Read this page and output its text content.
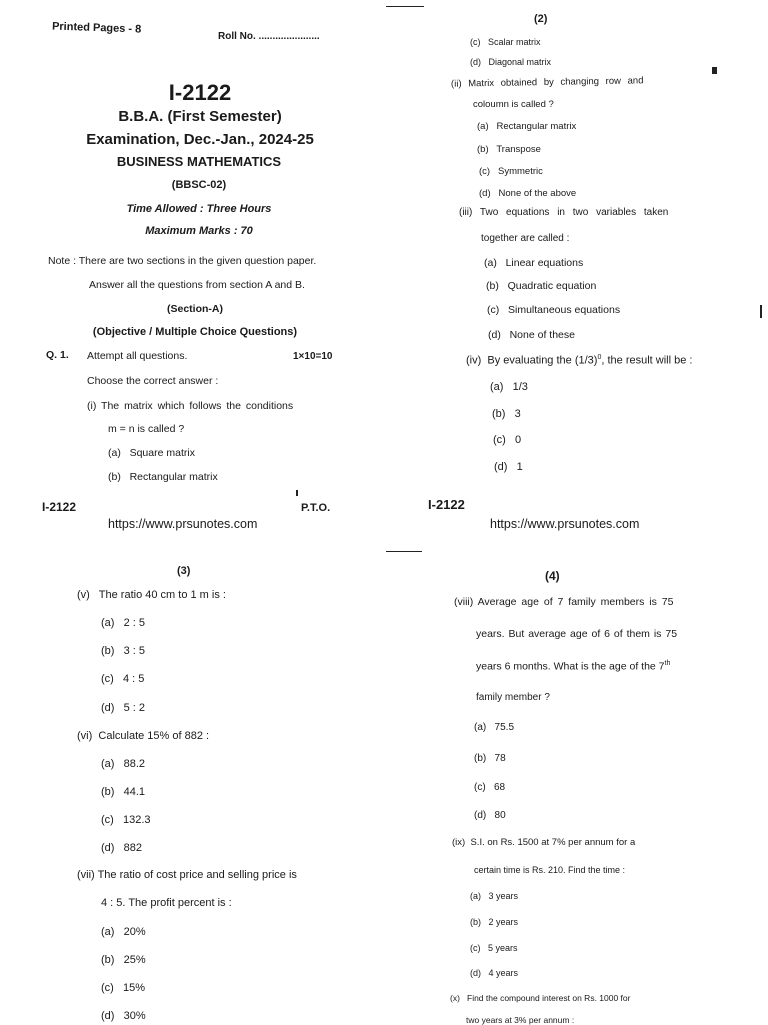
Printed Pages - 8
Roll No. ......................
I-2122
B.B.A. (First Semester)
Examination, Dec.-Jan., 2024-25
BUSINESS MATHEMATICS
(BBSC-02)
Time Allowed : Three Hours
Maximum Marks : 70
Note : There are two sections in the given question paper.
Answer all the questions from section A and B.
(Section-A)
(Objective / Multiple Choice Questions)
Q. 1. Attempt all questions.	1×10=10
Choose the correct answer :
(i) The matrix which follows the conditions
m = n is called ?
(a)   Square matrix
(b)   Rectangular matrix
I-2122	P.T.O.
https://www.prsunotes.com
(2)
(c)   Scalar matrix
(d)   Diagonal matrix
(ii) Matrix obtained by changing row and
coloumn is called ?
(a)   Rectangular matrix
(b)   Transpose
(c)   Symmetric
(d)   None of the above
(iii) Two equations in two variables taken
together are called :
(a)   Linear equations
(b)   Quadratic equation
(c)   Simultaneous equations
(d)   None of these
(iv)  By evaluating the $(1/3)^0$, the result will be :
(a)   1/3
(b)   3
(c)   0
(d)   1
I-2122
https://www.prsunotes.com
(3)
(v)   The ratio 40 cm to 1 m is :
(a)   2 : 5
(b)   3 : 5
(c)   4 : 5
(d)   5 : 2
(vi)  Calculate 15% of 882 :
(a)   88.2
(b)   44.1
(c)   132.3
(d)   882
(vii) The ratio of cost price and selling price is
4 : 5. The profit percent is :
(a)   20%
(b)   25%
(c)   15%
(d)   30%
(4)
(viii) Average age of 7 family members is 75
years. But average age of 6 of them is 75
years 6 months. What is the age of the 7th
family member ?
(a)   75.5
(b)   78
(c)   68
(d)   80
(ix)  S.I. on Rs. 1500 at 7% per annum for a
certain time is Rs. 210. Find the time :
(a)   3 years
(b)   2 years
(c)   5 years
(d)   4 years
(x)   Find the compound interest on Rs. 1000 for
two years at 3% per annum :
